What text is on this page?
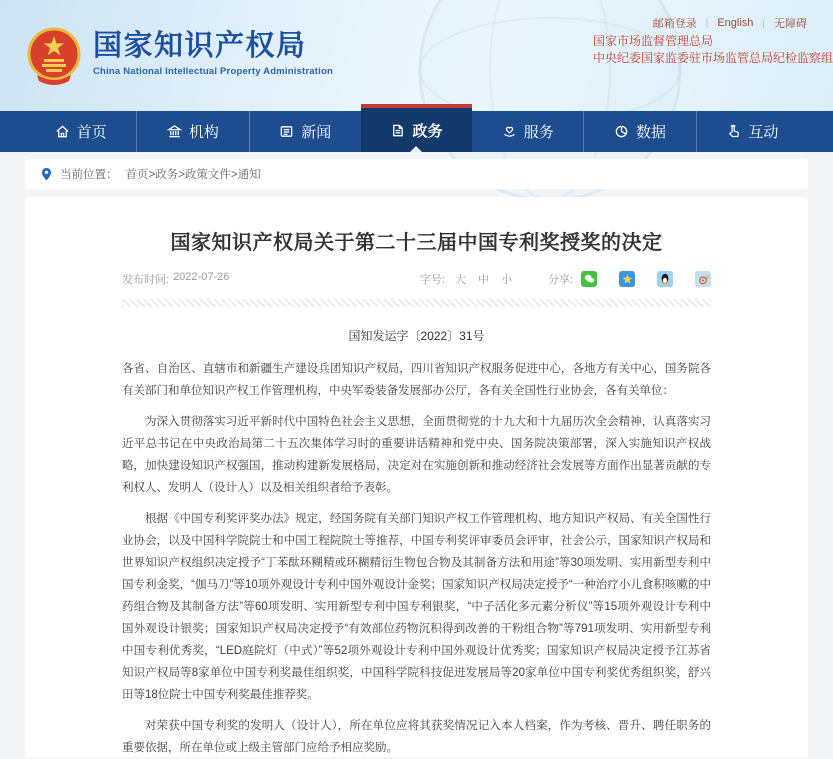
国家知识产权局
China National Intellectual Property Administration
邮箱登录 | English | 无障碍
国家市场监督管理总局
中央纪委国家监委驻市场监管总局纪检监察组
首页	机构	新闻	政务	服务	数据	互动
当前位置： 首页>政务>政策文件>通知
国家知识产权局关于第二十三届中国专利奖授奖的决定
发布时间: 2022-07-26	字号: 大 中 小	分享:
国知发运字〔2022〕31号

各省、自治区、直辖市和新疆生产建设兵团知识产权局，四川省知识产权服务促进中心，各地方有关中心，国务院各有关部门和单位知识产权工作管理机构，中央军委装备发展部办公厅，各有关全国性行业协会，各有关单位：

为深入贯彻落实习近平新时代中国特色社会主义思想，全面贯彻党的十九大和十九届历次全会精神，认真落实习近平总书记在中央政治局第二十五次集体学习时的重要讲话精神和党中央、国务院决策部署，深入实施知识产权战略，加快建设知识产权强国，推动构建新发展格局，决定对在实施创新和推动经济社会发展等方面作出显著贡献的专利权人、发明人（设计人）以及相关组织者给予表彰。

根据《中国专利奖评奖办法》规定，经国务院有关部门知识产权工作管理机构、地方知识产权局、有关全国性行业协会，以及中国科学院院士和中国工程院院士等推荐，中国专利奖评审委员会评审，社会公示，国家知识产权局和世界知识产权组织决定授予“丁苯酞环糊精或环糊精衍生物包合物及其制备方法和用途”等30项发明、实用新型专利中国专利金奖，“伽马刀”等10项外观设计专利中国外观设计金奖；国家知识产权局决定授予“一种治疗小儿食积咳嗽的中药组合物及其制备方法”等60项发明、实用新型专利中国专利银奖，“中子活化多元素分析仪”等15项外观设计专利中国外观设计银奖；国家知识产权局决定授予“有效部位药物沉积得到改善的干粉组合物”等791项发明、实用新型专利中国专利优秀奖，“LED庭院灯（中式）”等52项外观设计专利中国外观设计优秀奖；国家知识产权局决定授予江苏省知识产权局等8家单位中国专利奖最佳组织奖，中国科学院科技促进发展局等20家单位中国专利奖优秀组织奖，舒兴田等18位院士中国专利奖最佳推荐奖。

对荣获中国专利奖的发明人（设计人），所在单位应将其获奖情况记入本人档案，作为考核、晋升、聘任职务的重要依据，所在单位或上级主管部门应给予相应奖励。
